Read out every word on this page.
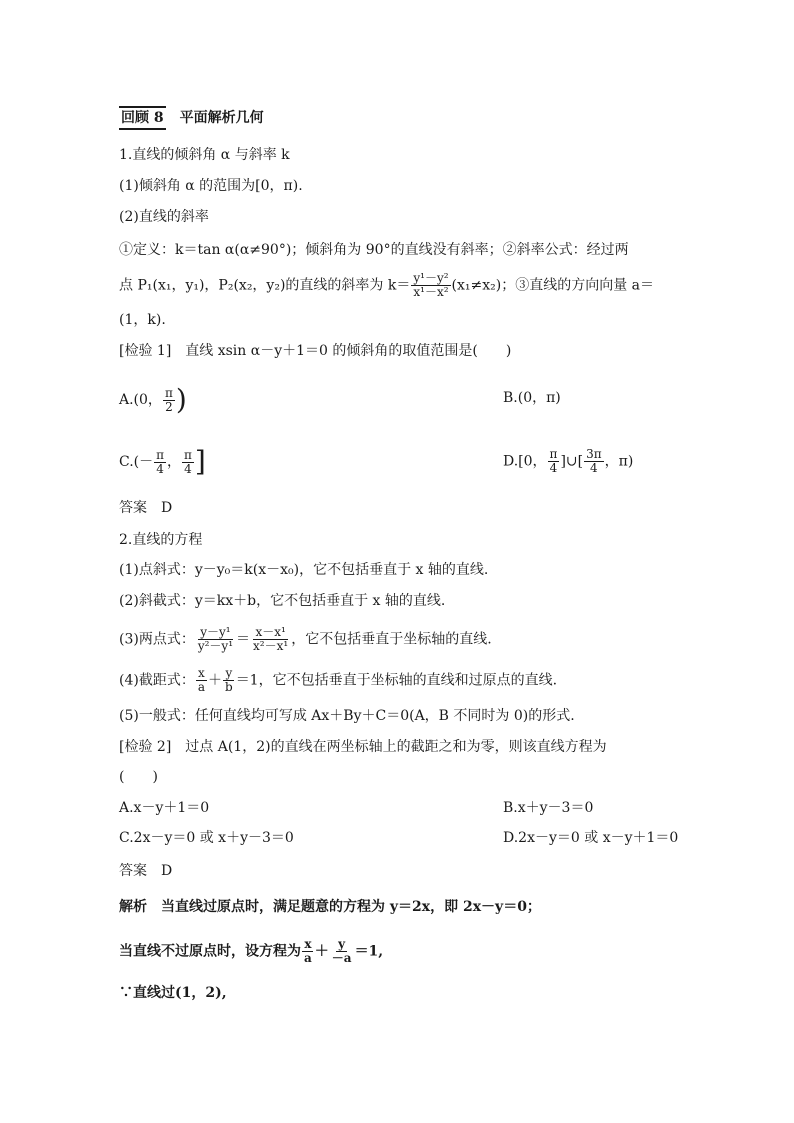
回顾 8 平面解析几何
1.直线的倾斜角 α 与斜率 k
(1)倾斜角 α 的范围为[0，π).
(2)直线的斜率
①定义：k＝tan α(α≠90°)；倾斜角为 90°的直线没有斜率；②斜率公式：经过两
点 P₁(x₁，y₁)，P₂(x₂，y₂)的直线的斜率为 $k= \frac{\text{y¹－y²}}{\text{x¹－x²}} (x_1\ne x_2)$；③直线的方向向量 a＝
(1，k).
[检验 1]　直线 xsin α－y＋1＝0 的倾斜角的取值范围是(　　)
A.(0， $\frac{\pi}{2}$ )	B.(0，π)
$C.(- \frac{\pi}{4}$ ， $\frac{\pi}{4}$ ]	D.[0， $\frac{\pi}{4}$ ]∪[ $\frac{3\pi}{4}$ ，π)
答案　D
2.直线的方程
(1)点斜式：y－y₀＝k(x－x₀)，它不包括垂直于 x 轴的直线.
(2)斜截式：y＝kx＋b，它不包括垂直于 x 轴的直线.
(3)两点式： $\frac{\text{y－y¹}}{\text{y²－y¹}} = \frac{\text{x－x¹}}{\text{x²－x¹}}$ ，它不包括垂直于坐标轴的直线.
(4)截距式： $\frac{x}{a} + \frac{y}{b} =1$，它不包括垂直于坐标轴的直线和过原点的直线.
(5)一般式：任何直线均可写成 Ax＋By＋C＝0(A，B 不同时为 0)的形式.
[检验 2]　过点 A(1，2)的直线在两坐标轴上的截距之和为零，则该直线方程为
(　　)
A.x－y＋1＝0	B.x＋y－3＝0
C.2x－y＝0 或 x＋y－3＝0	D.2x－y＝0 或 x－y＋1＝0
答案　D
解析　当直线过原点时，满足题意的方程为 y＝2x，即 2x－y＝0；
当直线不过原点时，设方程为 $\frac{x}{a} + \frac{y}{-a} =1$,
∵直线过(1，2),
